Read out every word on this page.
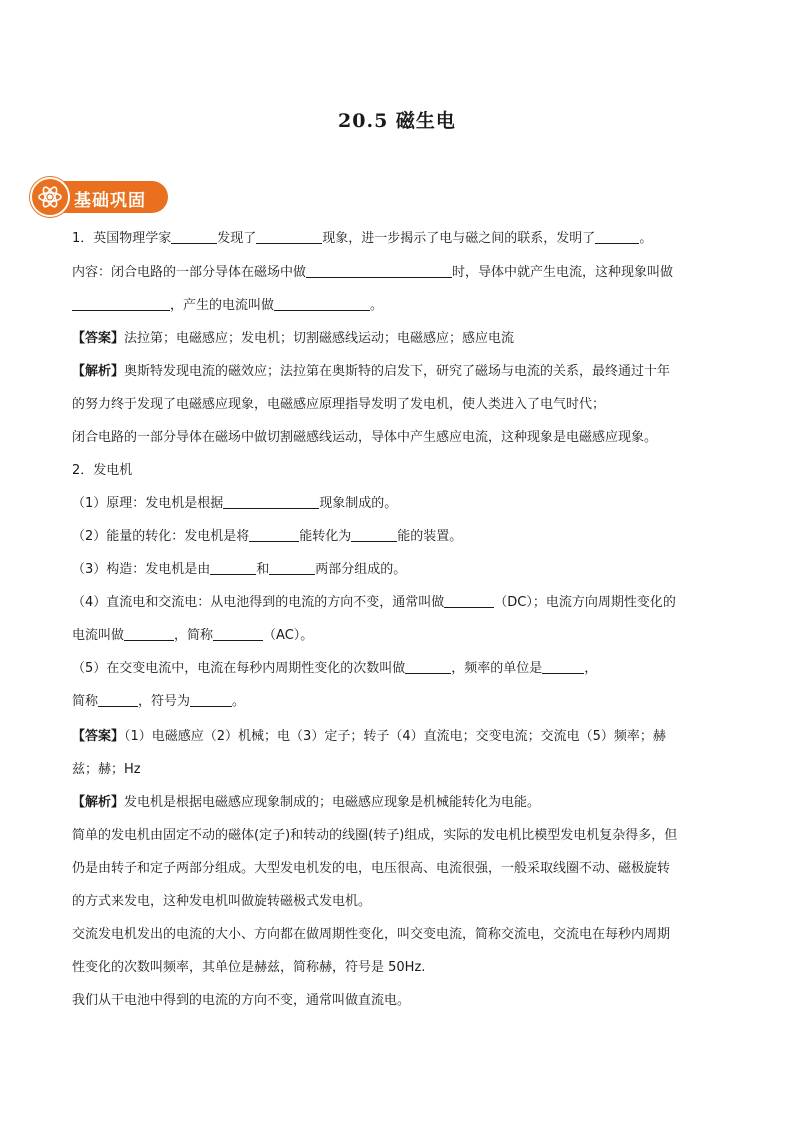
20.5 磁生电
基础巩固
1．英国物理学家	发现了	现象，进一步揭示了电与磁之间的联系，发明了	。
内容：闭合电路的一部分导体在磁场中做	时，导体中就产生电流，这种现象叫做
，产生的电流叫做	。
【答案】法拉第；电磁感应；发电机；切割磁感线运动；电磁感应；感应电流
【解析】奥斯特发现电流的磁效应；法拉第在奥斯特的启发下，研究了磁场与电流的关系，最终通过十年
的努力终于发现了电磁感应现象，电磁感应原理指导发明了发电机，使人类进入了电气时代；
闭合电路的一部分导体在磁场中做切割磁感线运动，导体中产生感应电流，这种现象是电磁感应现象。
2．发电机
（1）原理：发电机是根据	现象制成的。
（2）能量的转化：发电机是将	能转化为	能的装置。
（3）构造：发电机是由	和	两部分组成的。
（4）直流电和交流电：从电池得到的电流的方向不变，通常叫做	（DC）；电流方向周期性变化的
电流叫做	，简称	（AC）。
（5）在交变电流中，电流在每秒内周期性变化的次数叫做	，频率的单位是	，
简称	，符号为	。
【答案】（1）电磁感应（2）机械；电（3）定子；转子（4）直流电；交变电流；交流电（5）频率；赫
兹；赫；Hz
【解析】发电机是根据电磁感应现象制成的；电磁感应现象是机械能转化为电能。
简单的发电机由固定不动的磁体(定子)和转动的线圈(转子)组成，实际的发电机比模型发电机复杂得多，但
仍是由转子和定子两部分组成。大型发电机发的电，电压很高、电流很强，一般采取线圈不动、磁极旋转
的方式来发电，这种发电机叫做旋转磁极式发电机。
交流发电机发出的电流的大小、方向都在做周期性变化，叫交变电流，简称交流电，交流电在每秒内周期
性变化的次数叫频率，其单位是赫兹，简称赫，符号是 50Hz.
我们从干电池中得到的电流的方向不变，通常叫做直流电。
